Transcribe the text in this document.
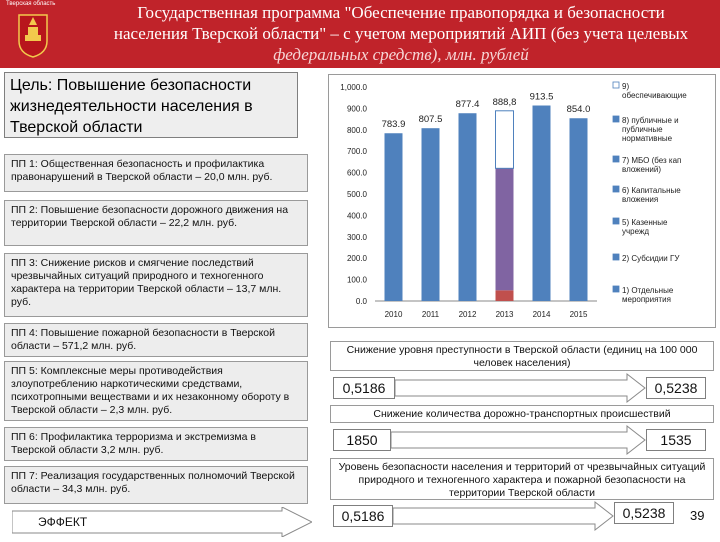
Тверская область	Государственная программа "Обеспечение правопорядка и безопасности
населения Тверской области" – с учетом мероприятий АИП (без учета целевых
федеральных средств), млн. рублей
Цель: Повышение безопасности жизнедеятельности населения в Тверской области
ПП 1: Общественная безопасность и профилактика правонарушений в Тверской области – 20,0 млн. руб.
ПП 2: Повышение безопасности дорожного движения на территории Тверской области – 22,2 млн. руб.
ПП 3: Снижение рисков и смягчение последствий чрезвычайных ситуаций природного и техногенного характера на территории Тверской области – 13,7 млн. руб.
ПП 4: Повышение пожарной безопасности в Тверской области – 571,2 млн. руб.
ПП 5: Комплексные меры противодействия злоупотреблению наркотическими средствами, психотропными веществами и их незаконному обороту в Тверской области – 2,3 млн. руб.
ПП 6: Профилактика терроризма и экстремизма в Тверской области 3,2 млн. руб.
ПП 7: Реализация государственных полномочий Тверской области – 34,3 млн. руб.
ЭФФЕКТ
0.0
100.0
200.0
300.0
400.0
500.0
600.0
700.0
800.0
900.0
1,000.0
783.9
2010
807.5
2011
877.4
2012
888,8
2013
913.5
2014
854.0
2015
9) обеспечивающие
8) публичные и публичные нормативные
7) МБО (без кап вложений)
6) Капитальные вложения
5) Казенные учрежд
2) Субсидии ГУ
1) Отдельные мероприятия
Снижение уровня преступности в Тверской области (единиц на 100 000 человек населения)
0,5186	0,5238
Снижение количества дорожно-транспортных происшествий
1850	1535
Уровень безопасности населения и территорий от чрезвычайных ситуаций природного и техногенного характера и пожарной безопасности на территории Тверской области
0,5186	0,5238	39
